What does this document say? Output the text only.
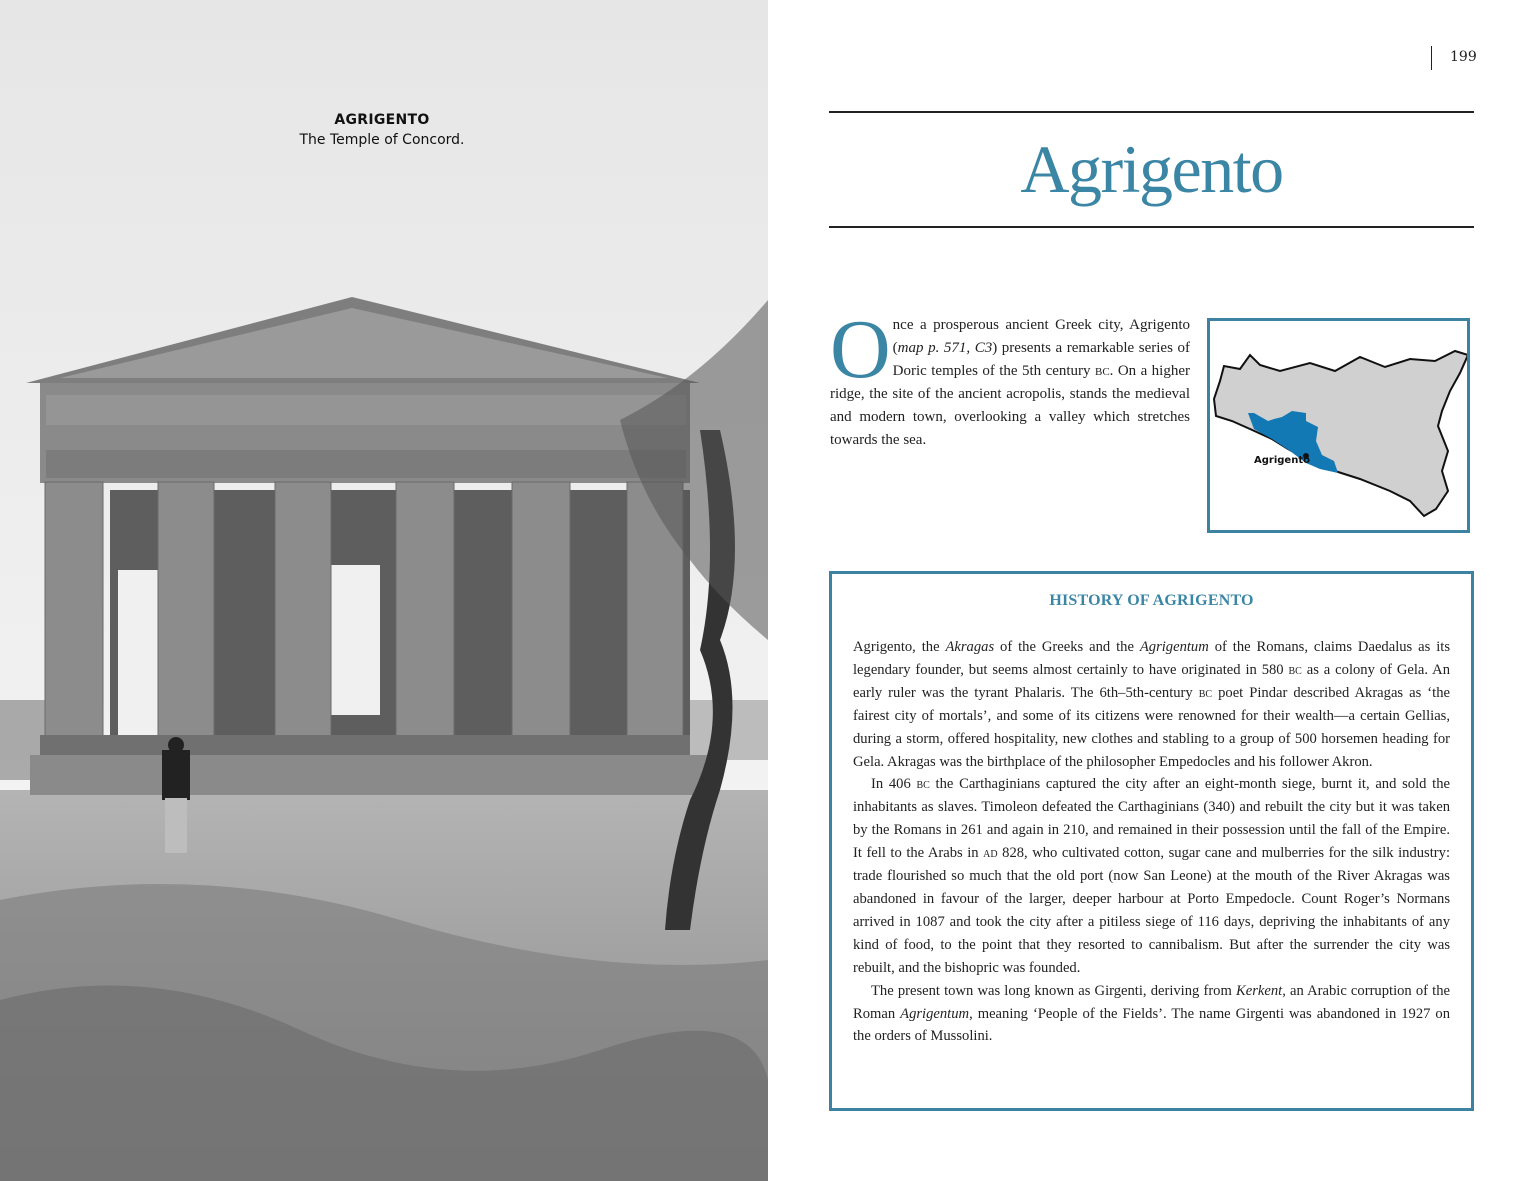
AGRIGENTO
The Temple of Concord.
199
Agrigento
O nce a prosperous ancient Greek city, Agrigento (map p. 571, C3) presents a remarkable series of Doric temples of the 5th century bc. On a higher ridge, the site of the ancient acropolis, stands the medieval and modern town, overlooking a valley which stretches towards the sea.
Agrigento
HISTORY OF AGRIGENTO

Agrigento, the Akragas of the Greeks and the Agrigentum of the Romans, claims Daedalus as its legendary founder, but seems almost certainly to have originated in 580 bc as a colony of Gela. An early ruler was the tyrant Phalaris. The 6th–5th-century bc poet Pindar described Akragas as ‘the fairest city of mortals’, and some of its citizens were renowned for their wealth—a certain Gellias, during a storm, offered hospitality, new clothes and stabling to a group of 500 horsemen heading for Gela. Akragas was the birthplace of the philosopher Empedocles and his follower Akron.

In 406 bc the Carthaginians captured the city after an eight-month siege, burnt it, and sold the inhabitants as slaves. Timoleon defeated the Carthaginians (340) and rebuilt the city but it was taken by the Romans in 261 and again in 210, and remained in their possession until the fall of the Empire. It fell to the Arabs in ad 828, who cultivated cotton, sugar cane and mulberries for the silk industry: trade flourished so much that the old port (now San Leone) at the mouth of the River Akragas was abandoned in favour of the larger, deeper harbour at Porto Empedocle. Count Roger’s Normans arrived in 1087 and took the city after a pitiless siege of 116 days, depriving the inhabitants of any kind of food, to the point that they resorted to cannibalism. But after the surrender the city was rebuilt, and the bishopric was founded.

The present town was long known as Girgenti, deriving from Kerkent, an Arabic corruption of the Roman Agrigentum, meaning ‘People of the Fields’. The name Girgenti was abandoned in 1927 on the orders of Mussolini.
